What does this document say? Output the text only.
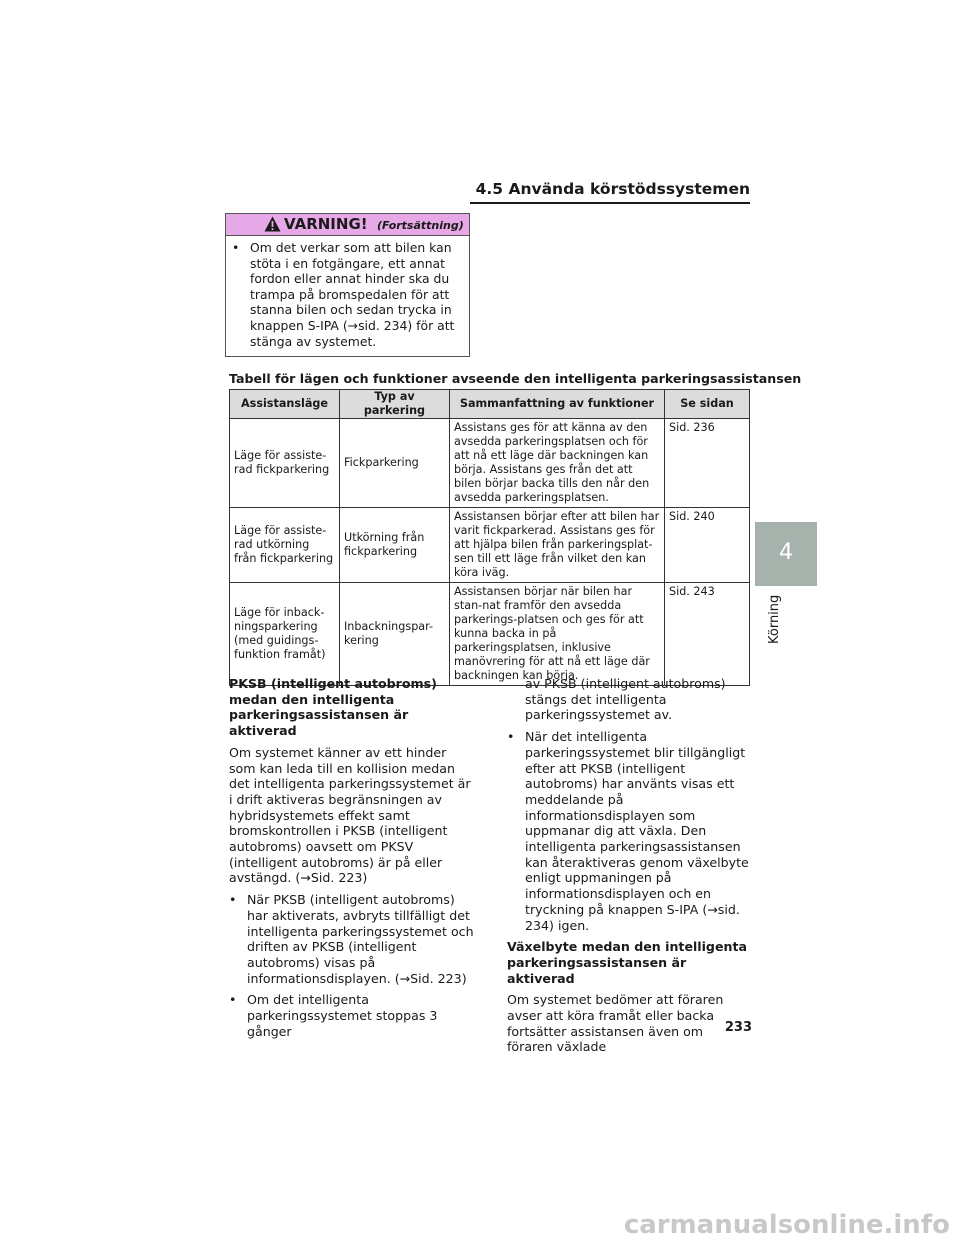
4.5 Använda körstödssystemen
4
Körning
VARNING! (Fortsättning)
• Om det verkar som att bilen kan stöta i en fotgängare, ett annat fordon eller annat hinder ska du trampa på bromspedalen för att stanna bilen och sedan trycka in knappen S-IPA (→sid. 234) för att stänga av systemet.
Tabell för lägen och funktioner avseende den intelligenta parkeringsassistansen
Assistansläge	Typ av parkering	Sammanfattning av funktioner	Se sidan
Läge för assiste-rad fickparkering	Fickparkering	Assistans ges för att känna av den avsedda parkeringsplatsen och för att nå ett läge där backningen kan börja. Assistans ges från det att bilen börjar backa tills den når den avsedda parkeringsplatsen.	Sid. 236
Läge för assiste-rad utkörning från fickparkering	Utkörning från fickparkering	Assistansen börjar efter att bilen har varit fickparkerad. Assistans ges för att hjälpa bilen från parkeringsplat-sen till ett läge från vilket den kan köra iväg.	Sid. 240
Läge för inback-ningsparkering (med guidings-funktion framåt)	Inbackningspar-kering	Assistansen börjar när bilen har stan-nat framför den avsedda parkerings-platsen och ges för att kunna backa in på parkeringsplatsen, inklusive manövrering för att nå ett läge där backningen kan börja.	Sid. 243
PKSB (intelligent autobroms) medan den intelligenta parkeringsassistansen är aktiverad
Om systemet känner av ett hinder som kan leda till en kollision medan det intelligenta parkeringssystemet är i drift aktiveras begränsningen av hybridsystemets effekt samt bromskontrollen i PKSB (intelligent autobroms) oavsett om PKSV (intelligent autobroms) är på eller avstängd. (→Sid. 223)
• När PKSB (intelligent autobroms) har aktiverats, avbryts tillfälligt det intelligenta parkeringssystemet och driften av PKSB (intelligent autobroms) visas på informationsdisplayen. (→Sid. 223)
• Om det intelligenta parkeringssystemet stoppas 3 gånger
av PKSB (intelligent autobroms) stängs det intelligenta parkeringssystemet av.
• När det intelligenta parkeringssystemet blir tillgängligt efter att PKSB (intelligent autobroms) har använts visas ett meddelande på informationsdisplayen som uppmanar dig att växla. Den intelligenta parkeringsassistansen kan återaktiveras genom växelbyte enligt uppmaningen på informationsdisplayen och en tryckning på knappen S-IPA (→sid. 234) igen.
Växelbyte medan den intelligenta parkeringsassistansen är aktiverad
Om systemet bedömer att föraren avser att köra framåt eller backa fortsätter assistansen även om föraren växlade
233
carmanualsonline.info
